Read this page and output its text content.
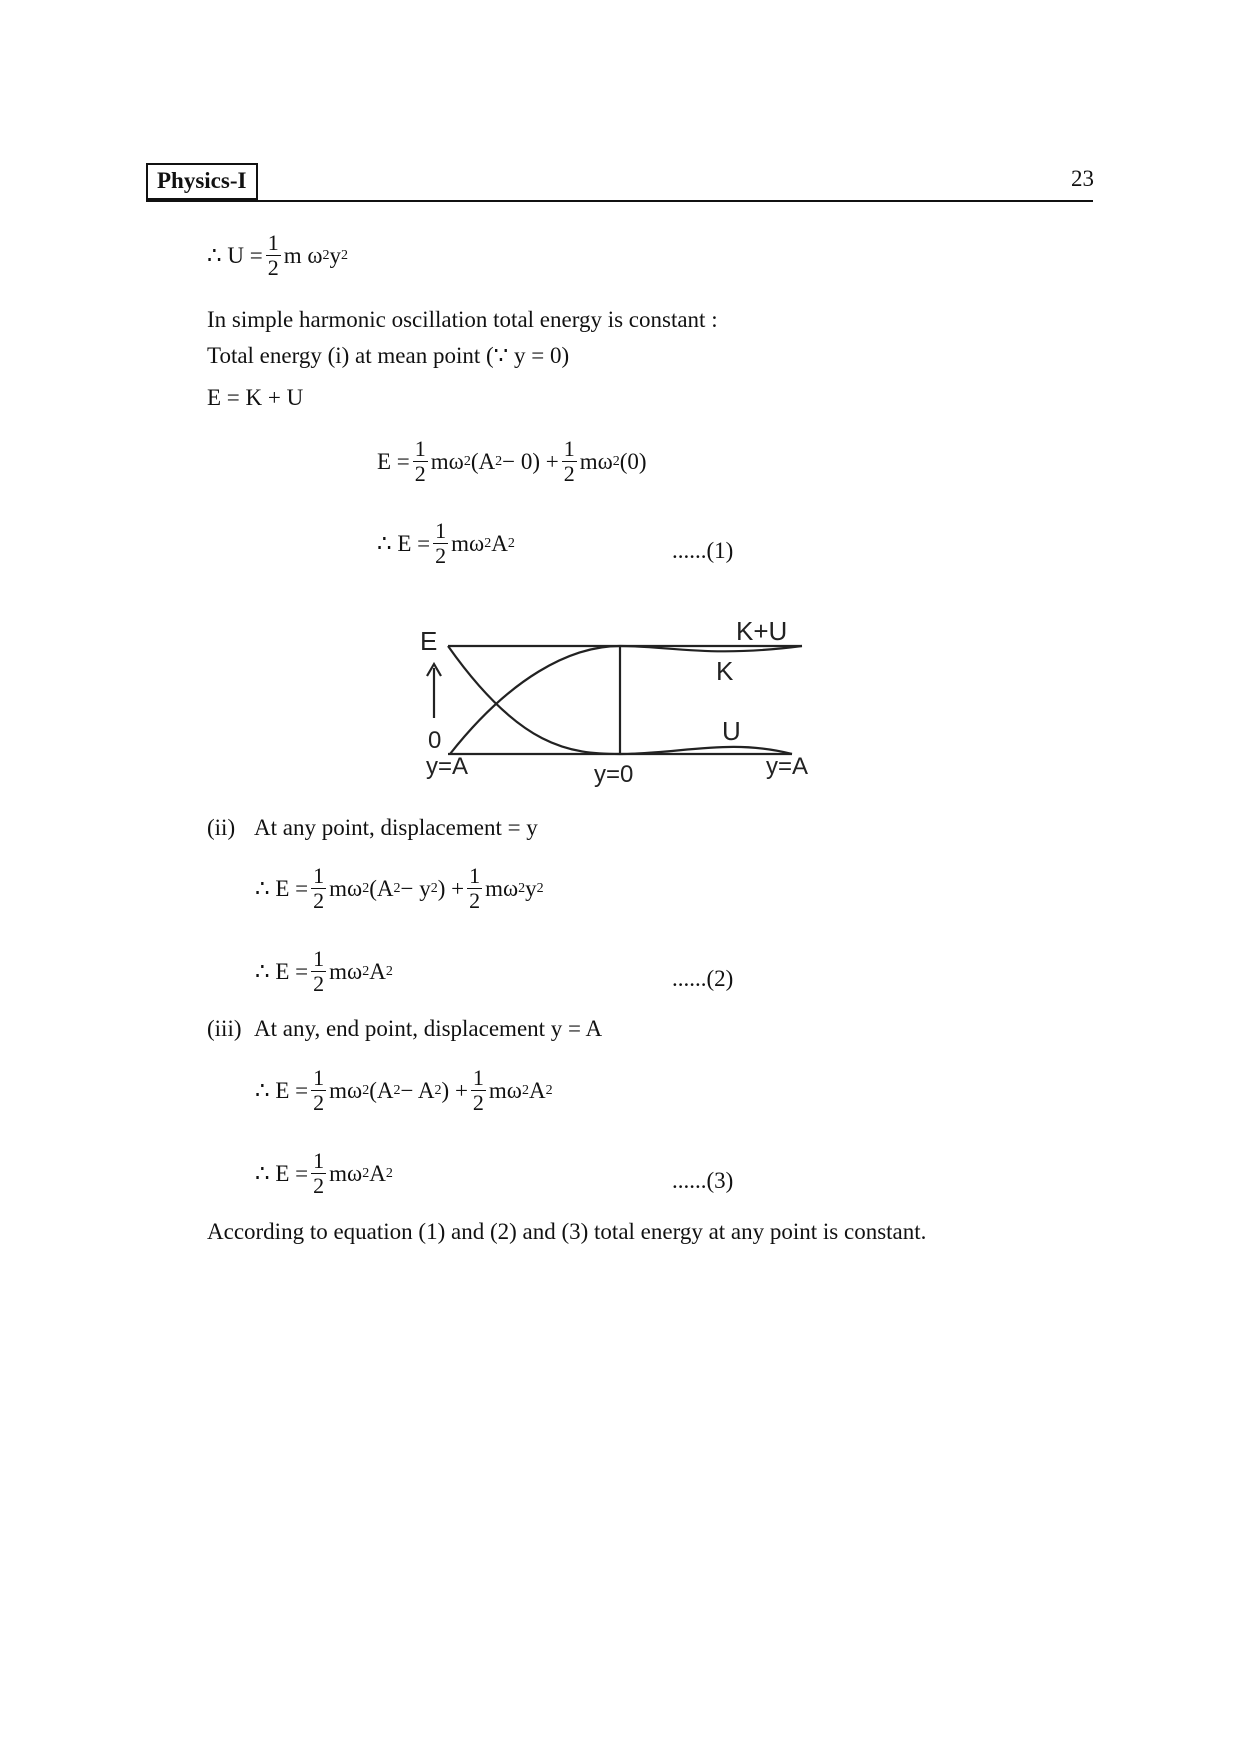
Physics-I	23
∴ $U = \frac{1}{2}$ m ω 2 y 2
In simple harmonic oscillation total energy is constant :
Total energy (i) at mean point (∵ y = 0)
E = K + U
$E = \frac{1}{2}$ mω 2 (A $2 - 0) + \frac{1}{2}$ mω 2 (0)
∴ $E = \frac{1}{2}$ mω 2 A 2	......(1)
E	K+U
K
U
0
y=A	y=0	y=A
(ii) At any point, displacement = y
∴ $E = \frac{1}{2}$ mω 2 (A 2 − y 2 ) + $\frac{1}{2}$ mω 2 y 2
∴ $E = \frac{1}{2}$ mω 2 A 2	......(2)
(iii) At any, end point, displacement y = A
∴ $E = \frac{1}{2}$ mω 2 (A 2 − A 2 ) + $\frac{1}{2}$ mω 2 A 2
∴ $E = \frac{1}{2}$ mω 2 A 2	......(3)
According to equation (1) and (2) and (3) total energy at any point is constant.
